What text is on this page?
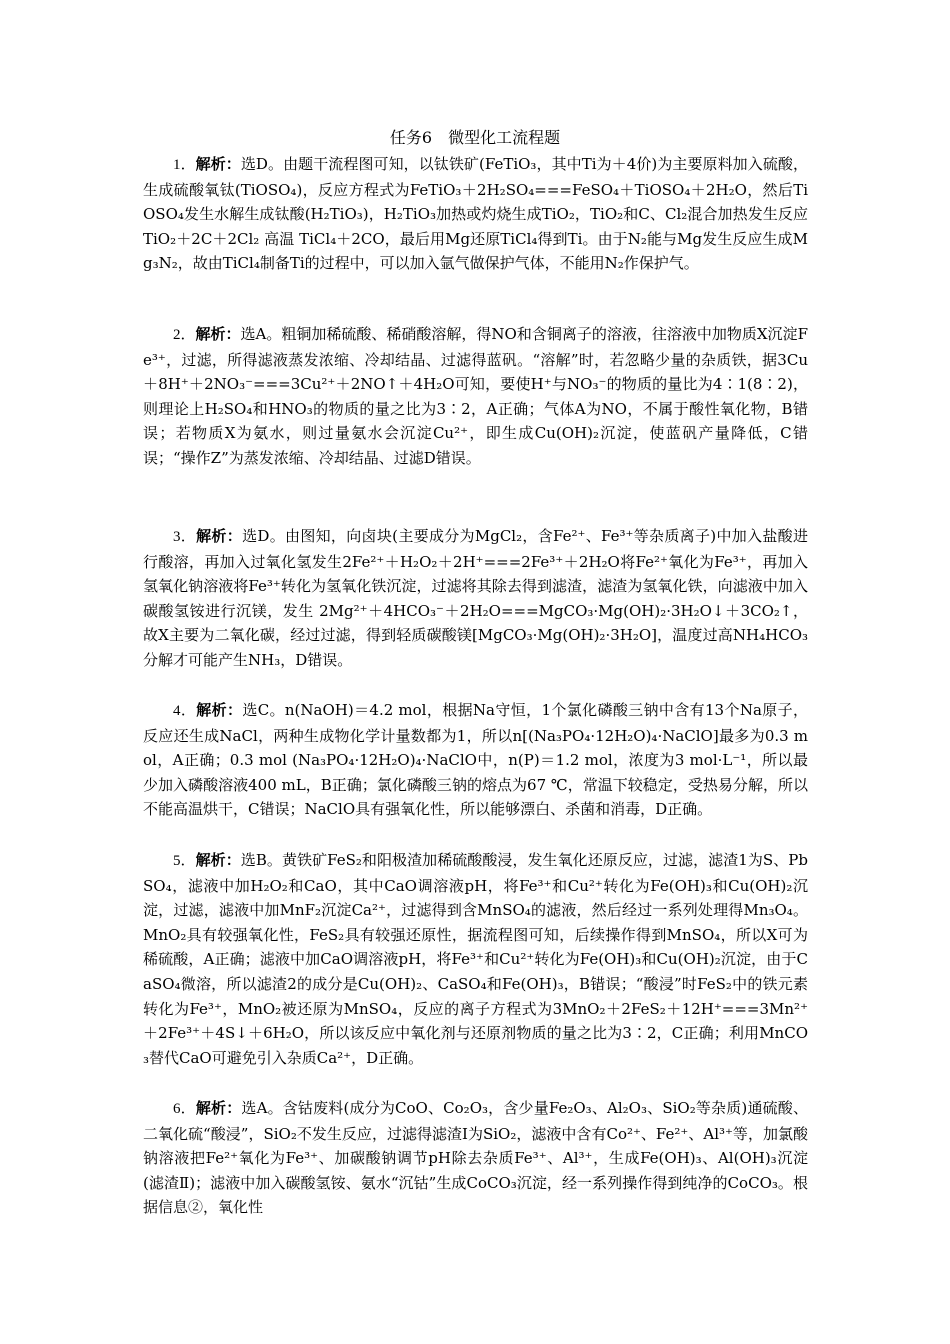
任务6　微型化工流程题
1．解析：选D。由题干流程图可知，以钛铁矿(FeTiO₃，其中Ti为＋4价)为主要原料加入硫酸，生成硫酸氧钛(TiOSO₄)，反应方程式为FeTiO₃＋2H₂SO₄===FeSO₄＋TiOSO₄＋2H₂O，然后TiOSO₄发生水解生成钛酸(H₂TiO₃)，H₂TiO₃加热或灼烧生成TiO₂，TiO₂和C、Cl₂混合加热发生反应TiO₂＋2C＋2Cl₂ 高温 TiCl₄＋2CO，最后用Mg还原TiCl₄得到Ti。由于N₂能与Mg发生反应生成Mg₃N₂，故由TiCl₄制备Ti的过程中，可以加入氩气做保护气体，不能用N₂作保护气。
2．解析：选A。粗铜加稀硫酸、稀硝酸溶解，得NO和含铜离子的溶液，往溶液中加物质X沉淀Fe³⁺，过滤，所得滤液蒸发浓缩、冷却结晶、过滤得蓝矾。“溶解”时，若忽略少量的杂质铁，据3Cu＋8H⁺＋2NO₃⁻===3Cu²⁺＋2NO↑＋4H₂O可知，要使H⁺与NO₃⁻的物质的量比为4∶1(8∶2)，则理论上H₂SO₄和HNO₃的物质的量之比为3∶2，A正确；气体A为NO，不属于酸性氧化物，B错误；若物质X为氨水，则过量氨水会沉淀Cu²⁺，即生成Cu(OH)₂沉淀，使蓝矾产量降低，C错误；“操作Z”为蒸发浓缩、冷却结晶、过滤D错误。
3．解析：选D。由图知，向卤块(主要成分为MgCl₂，含Fe²⁺、Fe³⁺等杂质离子)中加入盐酸进行酸溶，再加入过氧化氢发生2Fe²⁺＋H₂O₂＋2H⁺===2Fe³⁺＋2H₂O将Fe²⁺氧化为Fe³⁺，再加入氢氧化钠溶液将Fe³⁺转化为氢氧化铁沉淀，过滤将其除去得到滤渣，滤渣为氢氧化铁，向滤液中加入碳酸氢铵进行沉镁，发生 2Mg²⁺＋4HCO₃⁻＋2H₂O===MgCO₃·Mg(OH)₂·3H₂O↓＋3CO₂↑，故X主要为二氧化碳，经过过滤，得到轻质碳酸镁[MgCO₃·Mg(OH)₂·3H₂O]，温度过高NH₄HCO₃分解才可能产生NH₃，D错误。
4．解析：选C。n(NaOH)＝4.2 mol，根据Na守恒，1个氯化磷酸三钠中含有13个Na原子，反应还生成NaCl，两种生成物化学计量数都为1，所以n[(Na₃PO₄·12H₂O)₄·NaClO]最多为0.3 mol，A正确；0.3 mol (Na₃PO₄·12H₂O)₄·NaClO中，n(P)＝1.2 mol，浓度为3 mol·L⁻¹，所以最少加入磷酸溶液400 mL，B正确；氯化磷酸三钠的熔点为67 ℃，常温下较稳定，受热易分解，所以不能高温烘干，C错误；NaClO具有强氧化性，所以能够漂白、杀菌和消毒，D正确。
5．解析：选B。黄铁矿FeS₂和阳极渣加稀硫酸酸浸，发生氧化还原反应，过滤，滤渣1为S、PbSO₄，滤液中加H₂O₂和CaO，其中CaO调溶液pH，将Fe³⁺和Cu²⁺转化为Fe(OH)₃和Cu(OH)₂沉淀，过滤，滤液中加MnF₂沉淀Ca²⁺，过滤得到含MnSO₄的滤液，然后经过一系列处理得Mn₃O₄。MnO₂具有较强氧化性，FeS₂具有较强还原性，据流程图可知，后续操作得到MnSO₄，所以X可为稀硫酸，A正确；滤液中加CaO调溶液pH，将Fe³⁺和Cu²⁺转化为Fe(OH)₃和Cu(OH)₂沉淀，由于CaSO₄微溶，所以滤渣2的成分是Cu(OH)₂、CaSO₄和Fe(OH)₃，B错误；“酸浸”时FeS₂中的铁元素转化为Fe³⁺，MnO₂被还原为MnSO₄，反应的离子方程式为3MnO₂＋2FeS₂＋12H⁺===3Mn²⁺＋2Fe³⁺＋4S↓＋6H₂O，所以该反应中氧化剂与还原剂物质的量之比为3∶2，C正确；利用MnCO₃替代CaO可避免引入杂质Ca²⁺，D正确。
6．解析：选A。含钴废料(成分为CoO、Co₂O₃，含少量Fe₂O₃、Al₂O₃、SiO₂等杂质)通硫酸、二氧化硫“酸浸”，SiO₂不发生反应，过滤得滤渣Ⅰ为SiO₂，滤液中含有Co²⁺、Fe²⁺、Al³⁺等，加氯酸钠溶液把Fe²⁺氧化为Fe³⁺、加碳酸钠调节pH除去杂质Fe³⁺、Al³⁺，生成Fe(OH)₃、Al(OH)₃沉淀(滤渣Ⅱ)；滤液中加入碳酸氢铵、氨水“沉钴”生成CoCO₃沉淀，经一系列操作得到纯净的CoCO₃。根据信息②，氧化性
